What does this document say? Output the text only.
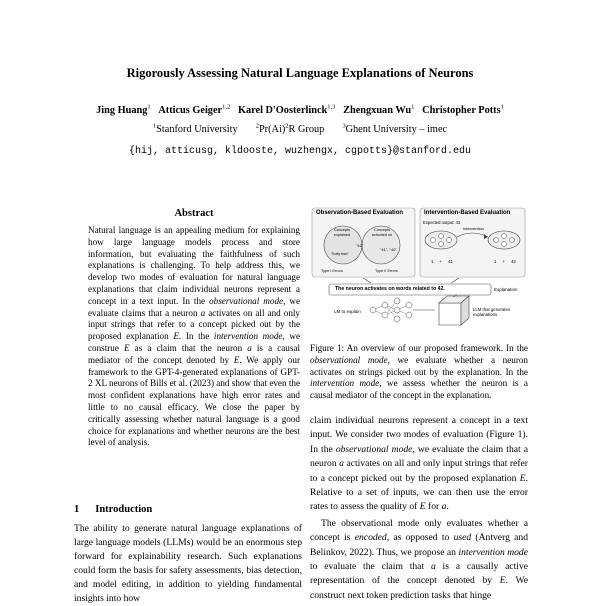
Rigorously Assessing Natural Language Explanations of Neurons
Jing Huang$^1$ Atticus Geiger$^{1,2}$ Karel D'Oosterlinck$^{1,3}$ Zhengxuan Wu$^1$ Christopher Potts$^1$
$^1$Stanford University	$^2Pr(Ai)^2R$ Group	$^3$Ghent University – imec
{hij, atticusg, kldooste, wuzhengx, cgpotts}@stanford.edu
Abstract
Natural language is an appealing medium for explaining how large language models process and store information, but evaluating the faithfulness of such explanations is challenging. To help address this, we develop two modes of evaluation for natural language explanations that claim individual neurons represent a concept in a text input. In the observational mode, we evaluate claims that a neuron a activates on all and only input strings that refer to a concept picked out by the proposed explanation E. In the intervention mode, we construe E as a claim that the neuron a is a causal mediator of the concept denoted by E. We apply our framework to the GPT-4-generated explanations of GPT-2 XL neurons of Bills et al. (2023) and show that even the most confident explanations have high error rates and little to no causal efficacy. We close the paper by critically assessing whether natural language is a good choice for explanations and whether neurons are the best level of analysis.
1 Introduction
The ability to generate natural language explanations of large language models (LLMs) would be an enormous step forward for explainability research. Such explanations could form the basis for safety assessments, bias detection, and model editing, in addition to yielding fundamental insights into how
Observation-Based Evaluation	Intervention-Based Evaluation
Concepts explained
Concepts activated on
"42"
"forty two"
"41", "40"
Type I Errors	Type II Errors
Expected output: 43
Intervention
1 + 41	1 + 42
The neuron activates on words related to 42.	Explanation
LM to explain	LLM that generates
explanations
Figure 1: An overview of our proposed framework. In the observational mode, we evaluate whether a neuron activates on strings picked out by the explanation. In the intervention mode, we assess whether the neuron is a causal mediator of the concept in the explanation.

claim individual neurons represent a concept in a text input. We consider two modes of evaluation (Figure 1). In the observational mode, we evaluate the claim that a neuron a activates on all and only input strings that refer to a concept picked out by the proposed explanation E. Relative to a set of inputs, we can then use the error rates to assess the quality of E for a.

The observational mode only evaluates whether a concept is encoded, as opposed to used (Antverg and Belinkov, 2022). Thus, we propose an intervention mode to evaluate the claim that a is a causally active representation of the concept denoted by E. We construct next token prediction tasks that hinge
